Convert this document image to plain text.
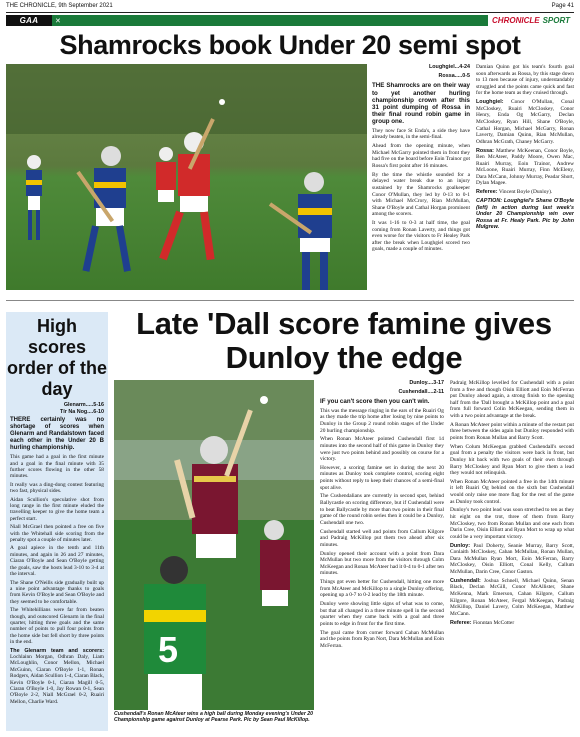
THE CHRONICLE, 9th September 2021	Page 41
GAA	✕	CHRONICLE SPORT
Shamrocks book Under 20 semi spot

Loughgiel...4-24

Rossa.....0-5

THE Shamrocks are on their way to yet another hurling championship crown after this 31 point dumping of Rossa in their final round robin game in group one.

They now face St Enda's, a side they have already beaten, in the semi-final.

Ahead from the opening minute, when Michael McGarry pointed them in front they had five on the board before Eoin Trainor got Rossa's first point after 16 minutes.

By the time the whistle sounded for a delayed water break due to an injury sustained by the Shamrocks goalkeeper Conor O'Mullan, they led by 0-13 to 0-1 with Michael McCrory, Rian McMullan, Shane O'Boyle and Cathal Horgan prominent among the scorers.

It was 1-16 to 0-3 at half time, the goal coming from Ronan Laverty, and things got even worse for the visitors to Fr Healey Park after the break when Loughgiel scored two goals, made a couple of minutes.

Damian Quinn got his team's fourth goal soon afterwards as Rossa, by this stage down to 13 men because of injury, understandably struggled and the points came quick and fast for the home team as they cruised through.

Loughgiel: Conor O'Mullan, Conal McCloskey, Ruairi McCloskey, Conor Henry, Enda Og McGarry, Declan McCloskey, Ryan Hill, Shane O'Boyle, Cathal Horgan, Michael McGarry, Ronan Laverty, Damian Quinn, Rian McMullan, Odhran McGrath, Chaney McGarry.

Rossa: Matthew McKeenan, Conor Boyle, Ben McAteer, Paddy Moore, Owen Mac, Ruairi Murray, Eoin Trainor, Andrew McLoone, Ruairi Murray, Finn McEleny, Dara McCann, Johnny Murray, Peadar Short, Dylan Magee.

Referee: Vincent Boyle (Dunloy).

CAPTION: Loughgiel's Shane O'Boyle (left) in action during last week's Under 20 Championship win over Rossa at Fr. Healy Park. Pic by John Mulgrew.

High scores order of the day
Glenarm.....5-16
Tír Na Nog....6-10

THERE certainly was no shortage of scores when Glenarm and Randalstown faced each other in the Under 20 B hurling championship.

This game had a goal in the first minute and a goal in the final minute with 35 further scores flowing in the other 58 minutes.

It really was a ding-dong contest featuring two fast, physical sides.

Aidan Scullion's speculative shot from long range in the first minute eluded the travelling keeper to give the home team a perfect start.

Niall McGrael then pointed a free on five with the Whitehall side scoring from the penalty spot a couple of minutes later.

A goal apiece in the tenth and 11th minutes, and again in 26 and 27 minutes, Ciaran O'Boyle and Sean O'Boyle getting the goals, saw the hosts lead 3-10 to 3-4 at the interval.

The Shane O'Neills side gradually built up a nine point advantage thanks to goals from Kevin O'Boyle and Sean O'Boyle and they seemed to be comfortable.

The Whitehillians were far from beaten though, and outscored Glenarm in the final quarter, hitting three goals and the same number of points to pull four points from the home side but fell short by three points in the end.

The Glenarm team and scorers: Lochlainn Morgan, Odhran Daly, Liam McLoughlin, Conor Mellon, Michael McGuinn, Ciaran O'Boyle 1-1, Ronan Rodgers, Aidan Scullion 1-4, Ciaran Black, Kevin O'Boyle 0-1, Ciaran Magill 0-5, Ciaran O'Boyle 1-0, Jay Rowan 0-1, Sean O'Boyle 2-2, Niall McGrael 0-2, Ruairi Mellon, Charlie Ward.

Late 'Dall score famine gives Dunloy the edge
5
Cushendall's Ronan McAteer wins a high ball during Monday evening's Under 20 Championship game against Dunloy at Pearse Park. Pic by Sean Paul McKillop.

Dunloy....3-17

Cushendall....2-11

IF you can't score then you can't win.

This was the message ringing in the ears of the Ruairi Og as they made the trip home after losing by nine points to Dunloy in the Group 2 round robin stages of the Under 20 hurling championship.

When Ronan McAteer pointed Cushendall first 14 minutes into the second half of this game in Dunloy they were just two points behind and possibly on course for a victory.

However, a scoring famine set in during the next 20 minutes as Dunloy took complete control, scoring eight points without reply to keep their chances of a semi-final spot alive.

The Cushendalians are currently in second spot, behind Ballycastle on scoring difference, but if Cushendall were to beat Ballycastle by more than two points in their final game of the round robin series then it could be a Dunloy, Cushendall one two.

Cushendall started well and points from Callum Kilgore and Padraig McKillop put them two ahead after six minutes.

Dunloy opened their account with a point from Dara McMullan but two more from the visitors through Colm McKeegan and Ronan McAteer had it 0-4 to 0-1 after ten minutes.

Things got even better for Cushendall, hitting one more from McAteer and McKillop to a single Dunloy offering, opening up a 0-7 to 0-2 lead by the 18th minute.

Dunloy were showing little signs of what was to come, but that all changed in a three minute spell in the second quarter when they came back with a goal and three points to edge in front for the first time.

The goal came from corner forward Cahan McMullan and the points from Ryan Nort, Dara McMullan and Eoin McFerran.

Padraig McKillop levelled for Cushendall with a point from a free and though Oisin Elliott and Eoin McFerran put Dunloy ahead again, a strong finish to the opening half from the 'Dall brought a McKillop point and a goal from full forward Colin McKeegan, sending them in with a two point advantage at the break.

A Ronan McAteer point within a minute of the restart put three between the sides again but Dunloy responded with points from Ronan Mullan and Barry Scott.

When Colum McKeegan grabbed Cushendall's second goal from a penalty the visitors were back in front, but Dunloy hit back with two goals of their own through Barry McCloskey and Ryan Mort to give them a lead they would not relinquish.

When Ronan McAteer pointed a free in the 14th minute it left Ruairi Og behind on the sixth but Cushendall would only raise one more flag for the rest of the game as Dunloy took control.

Dunloy's two point lead was soon stretched to ten as they hit eight on the trot, three of them from Barry McCloskey, two from Ronan Mullan and one each from Darin Cree, Oisin Elliott and Ryan Mort to wrap up what could be a very important victory.

Dunloy: Paul Doherty, Seanie Murray, Barry Scott, Conlaith McCloskey, Cahan McMullan, Ronan Mullan, Dara McMullan Ryan Mort, Eoin McFerran, Barry McCloskey, Oisin Elliott, Conal Kelly, Callum McMullan, Darin Cree, Conor Gaston.

Cushendall: Joshua Schnell, Michael Quinn, Senan Black, Declan McGill, Conor McAllister, Shane McKenna, Mark Emerson, Cahan Kilgore, Callum Kilgore, Ronan McAteer, Fergal McKeegan, Padraig McKillop, Daniel Lavery, Colm McKeegan, Matthew McCann.

Referee: Fionntan McCotter
